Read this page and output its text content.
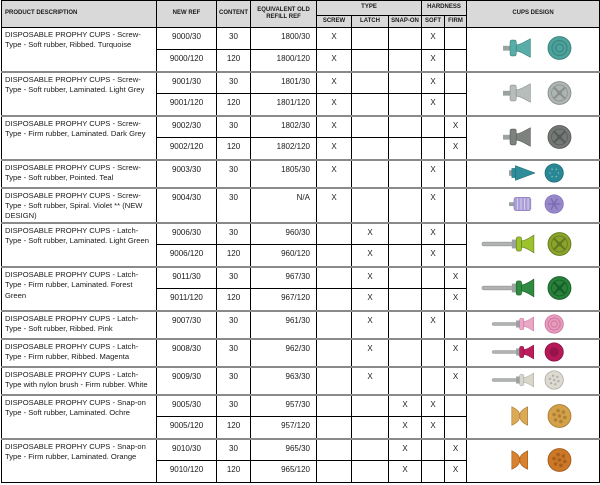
PRODUCT DESCRIPTION	NEW REF	CONTENT	EQUIVALENT OLD REFILL REF	TYPE			HARDNESS		CUPS DESIGN
				SCREW	LATCH	SNAP-ON	SOFT	FIRM	
DISPOSABLE PROPHY CUPS - Screw-Type - Soft rubber, Ribbed. Turquoise	9000/30	30	1800/30	X			X		
	9000/120	120	1800/120	X			X		
DISPOSABLE PROPHY CUPS - Screw-Type - Soft rubber, Laminated. Light Grey	9001/30	30	1801/30	X			X		
	9001/120	120	1801/120	X			X		
DISPOSABLE PROPHY CUPS - Screw-Type - Firm rubber, Laminated. Dark Grey	9002/30	30	1802/30	X				X	
	9002/120	120	1802/120	X				X	
DISPOSABLE PROPHY CUPS - Screw-Type - Soft rubber, Pointed. Teal	9003/30	30	1805/30	X			X		
DISPOSABLE PROPHY CUPS - Screw-Type - Soft rubber, Spiral. Violet ** (NEW DESIGN)	9004/30	30	N/A	X			X		
DISPOSABLE PROPHY CUPS - Latch-Type - Soft rubber, Laminated. Light Green	9006/30	30	960/30		X		X		
	9006/120	120	960/120		X		X		
DISPOSABLE PROPHY CUPS - Latch-Type - Firm rubber, Laminated. Forest Green	9011/30	30	967/30		X			X	
	9011/120	120	967/120		X			X	
DISPOSABLE PROPHY CUPS - Latch-Type - Soft rubber, Ribbed. Pink	9007/30	30	961/30		X		X		
DISPOSABLE PROPHY CUPS - Latch-Type - Firm rubber, Ribbed. Magenta	9008/30	30	962/30		X			X	
DISPOSABLE PROPHY CUPS - Latch-Type with nylon brush - Firm rubber. White	9009/30	30	963/30		X			X	
DISPOSABLE PROPHY CUPS - Snap-on Type - Soft rubber, Laminated. Ochre	9005/30	30	957/30			X	X		
	9005/120	120	957/120			X	X		
DISPOSABLE PROPHY CUPS - Snap-on Type - Firm rubber, Laminated. Orange	9010/30	30	965/30			X		X	
	9010/120	120	965/120			X		X	
